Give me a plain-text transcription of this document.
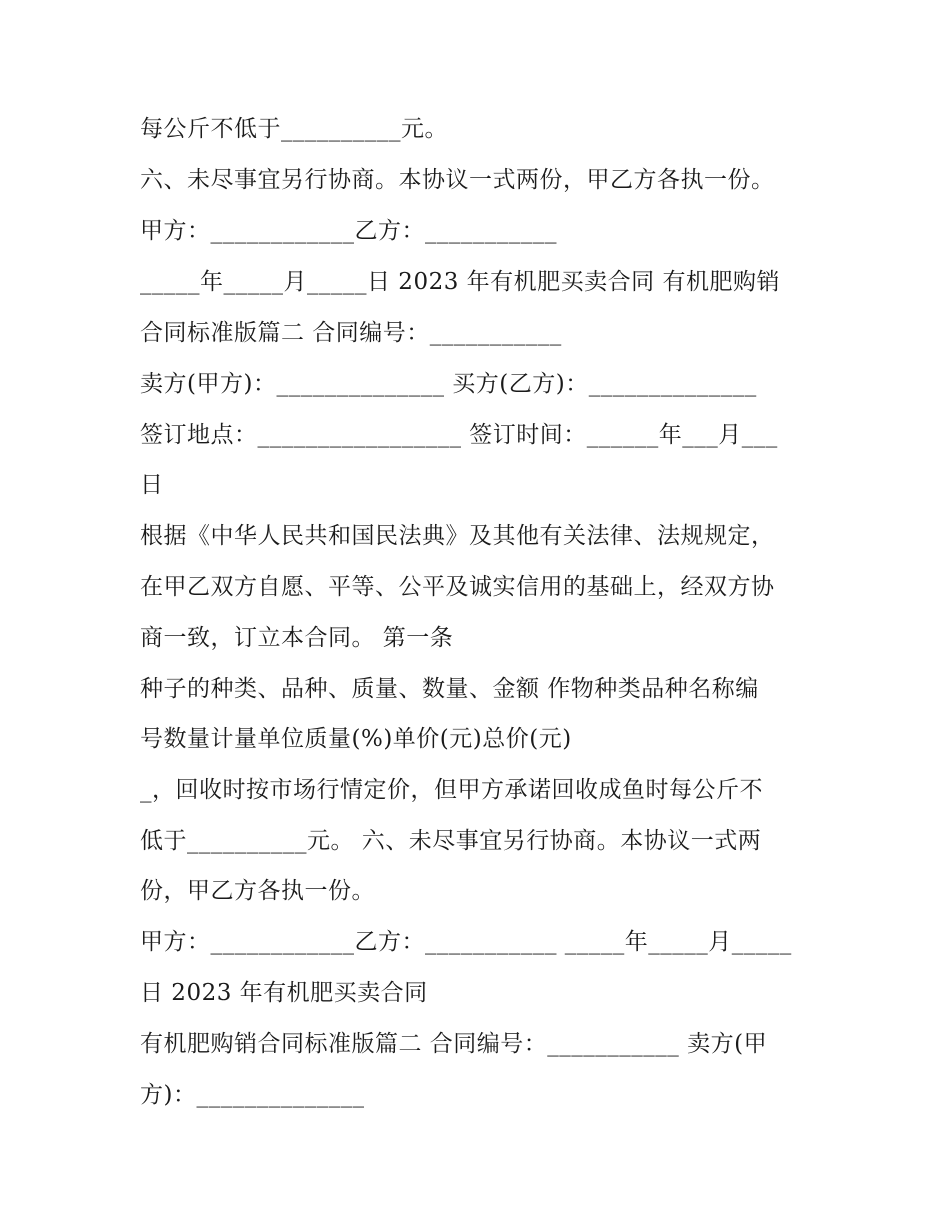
每公斤不低于__________元。
六、未尽事宜另行协商。本协议一式两份，甲乙方各执一份。
甲方：____________乙方：___________
_____年_____月_____日 2023 年有机肥买卖合同 有机肥购销
合同标准版篇二 合同编号：___________
卖方(甲方)：______________ 买方(乙方)：______________
签订地点：_________________ 签订时间：______年___月___
日
根据《中华人民共和国民法典》及其他有关法律、法规规定，
在甲乙双方自愿、平等、公平及诚实信用的基础上，经双方协
商一致，订立本合同。 第一条
种子的种类、品种、质量、数量、金额 作物种类品种名称编
号数量计量单位质量(%)单价(元)总价(元)
_，回收时按市场行情定价，但甲方承诺回收成鱼时每公斤不
低于__________元。 六、未尽事宜另行协商。本协议一式两
份，甲乙方各执一份。
甲方：____________乙方：___________ _____年_____月_____
日 2023 年有机肥买卖合同
有机肥购销合同标准版篇二 合同编号：___________ 卖方(甲
方)：______________
